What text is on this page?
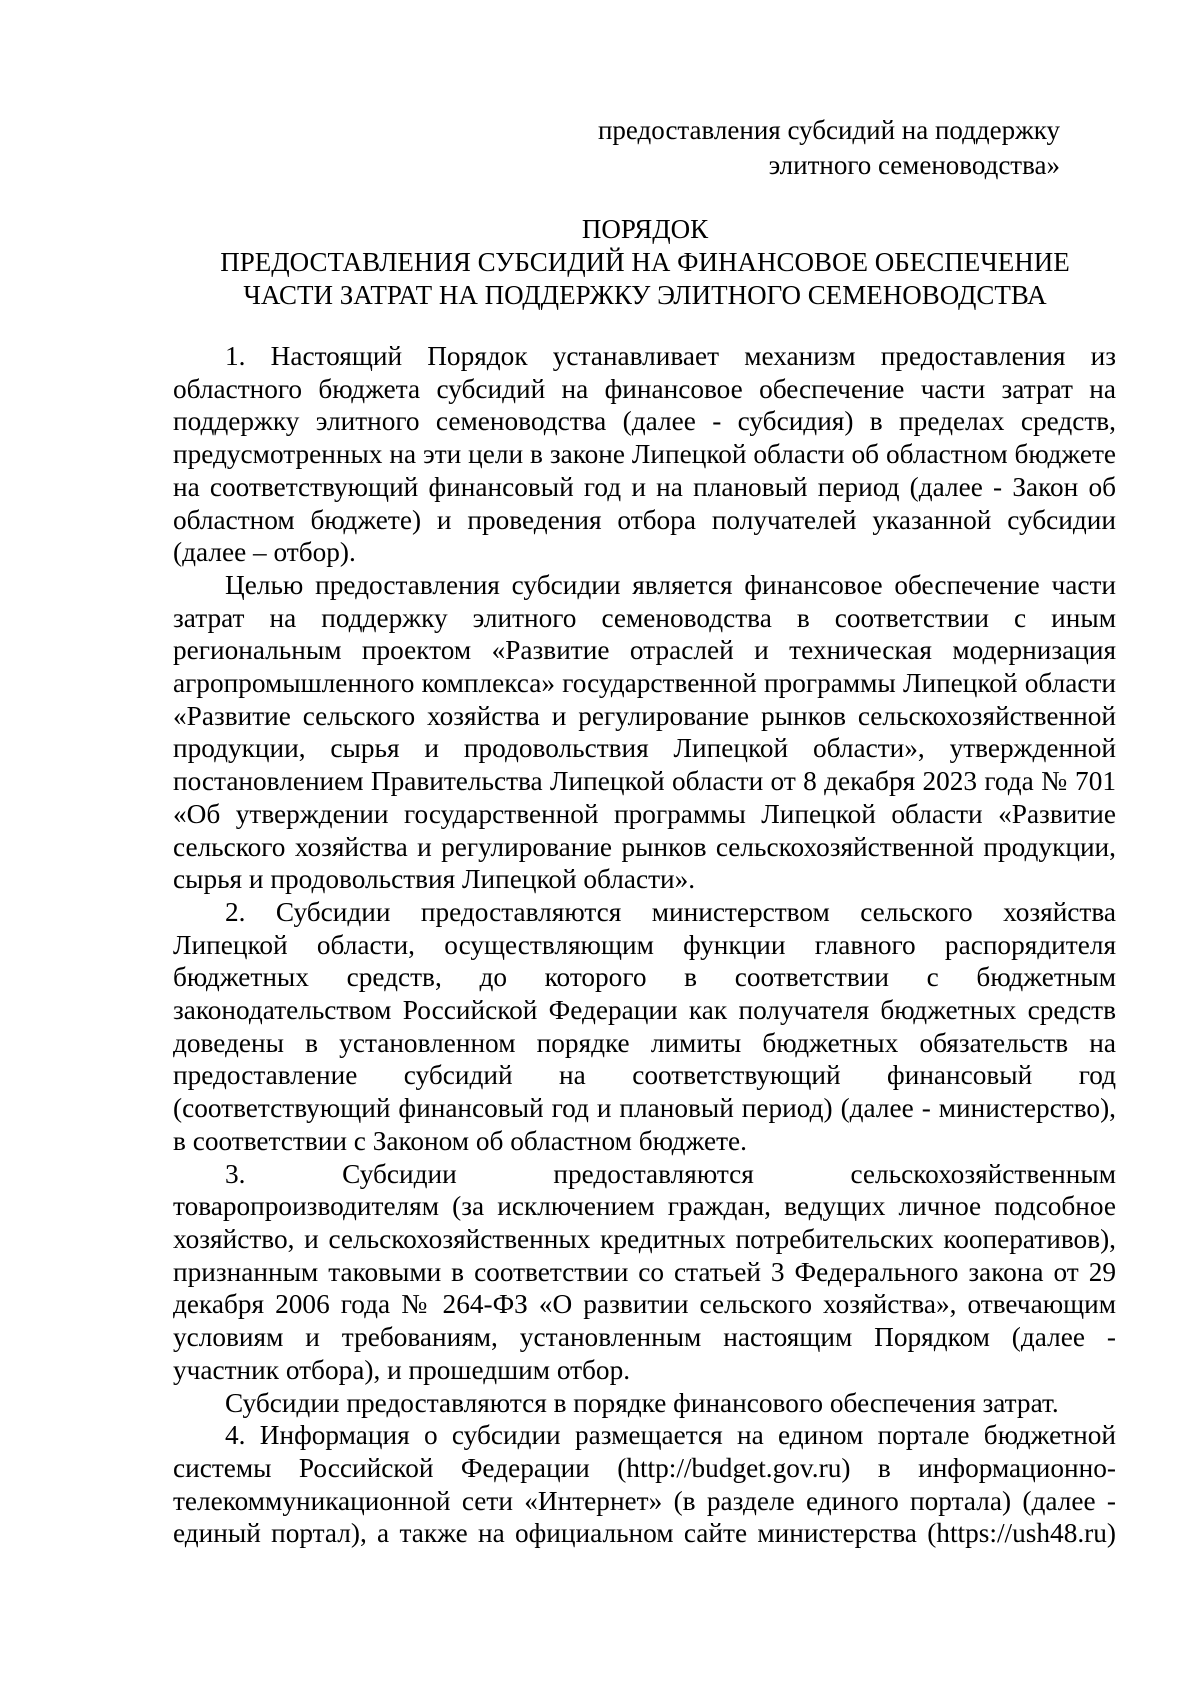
предоставления субсидий на поддержку
элитного семеноводства»
ПОРЯДОК
ПРЕДОСТАВЛЕНИЯ СУБСИДИЙ НА ФИНАНСОВОЕ ОБЕСПЕЧЕНИЕ
ЧАСТИ ЗАТРАТ НА ПОДДЕРЖКУ ЭЛИТНОГО СЕМЕНОВОДСТВА

1. Настоящий Порядок устанавливает механизм предоставления из областного бюджета субсидий на финансовое обеспечение части затрат на поддержку элитного семеноводства (далее - субсидия) в пределах средств, предусмотренных на эти цели в законе Липецкой области об областном бюджете на соответствующий финансовый год и на плановый период (далее - Закон об областном бюджете) и проведения отбора получателей указанной субсидии (далее – отбор).

Целью предоставления субсидии является финансовое обеспечение части затрат на поддержку элитного семеноводства в соответствии с иным региональным проектом «Развитие отраслей и техническая модернизация агропромышленного комплекса» государственной программы Липецкой области «Развитие сельского хозяйства и регулирование рынков сельскохозяйственной продукции, сырья и продовольствия Липецкой области», утвержденной постановлением Правительства Липецкой области от 8 декабря 2023 года № 701 «Об утверждении государственной программы Липецкой области «Развитие сельского хозяйства и регулирование рынков сельскохозяйственной продукции, сырья и продовольствия Липецкой области».

2. Субсидии предоставляются министерством сельского хозяйства Липецкой области, осуществляющим функции главного распорядителя бюджетных средств, до которого в соответствии с бюджетным законодательством Российской Федерации как получателя бюджетных средств доведены в установленном порядке лимиты бюджетных обязательств на предоставление субсидий на соответствующий финансовый год (соответствующий финансовый год и плановый период) (далее - министерство), в соответствии с Законом об областном бюджете.

3. Субсидии предоставляются сельскохозяйственным товаропроизводителям (за исключением граждан, ведущих личное подсобное хозяйство, и сельскохозяйственных кредитных потребительских кооперативов), признанным таковыми в соответствии со статьей 3 Федерального закона от 29 декабря 2006 года № 264-ФЗ «О развитии сельского хозяйства», отвечающим условиям и требованиям, установленным настоящим Порядком (далее - участник отбора), и прошедшим отбор.

Субсидии предоставляются в порядке финансового обеспечения затрат.

4. Информация о субсидии размещается на едином портале бюджетной системы Российской Федерации (http://budget.gov.ru) в информационно-телекоммуникационной сети «Интернет» (в разделе единого портала) (далее - единый портал), а также на официальном сайте министерства (https://ush48.ru)
